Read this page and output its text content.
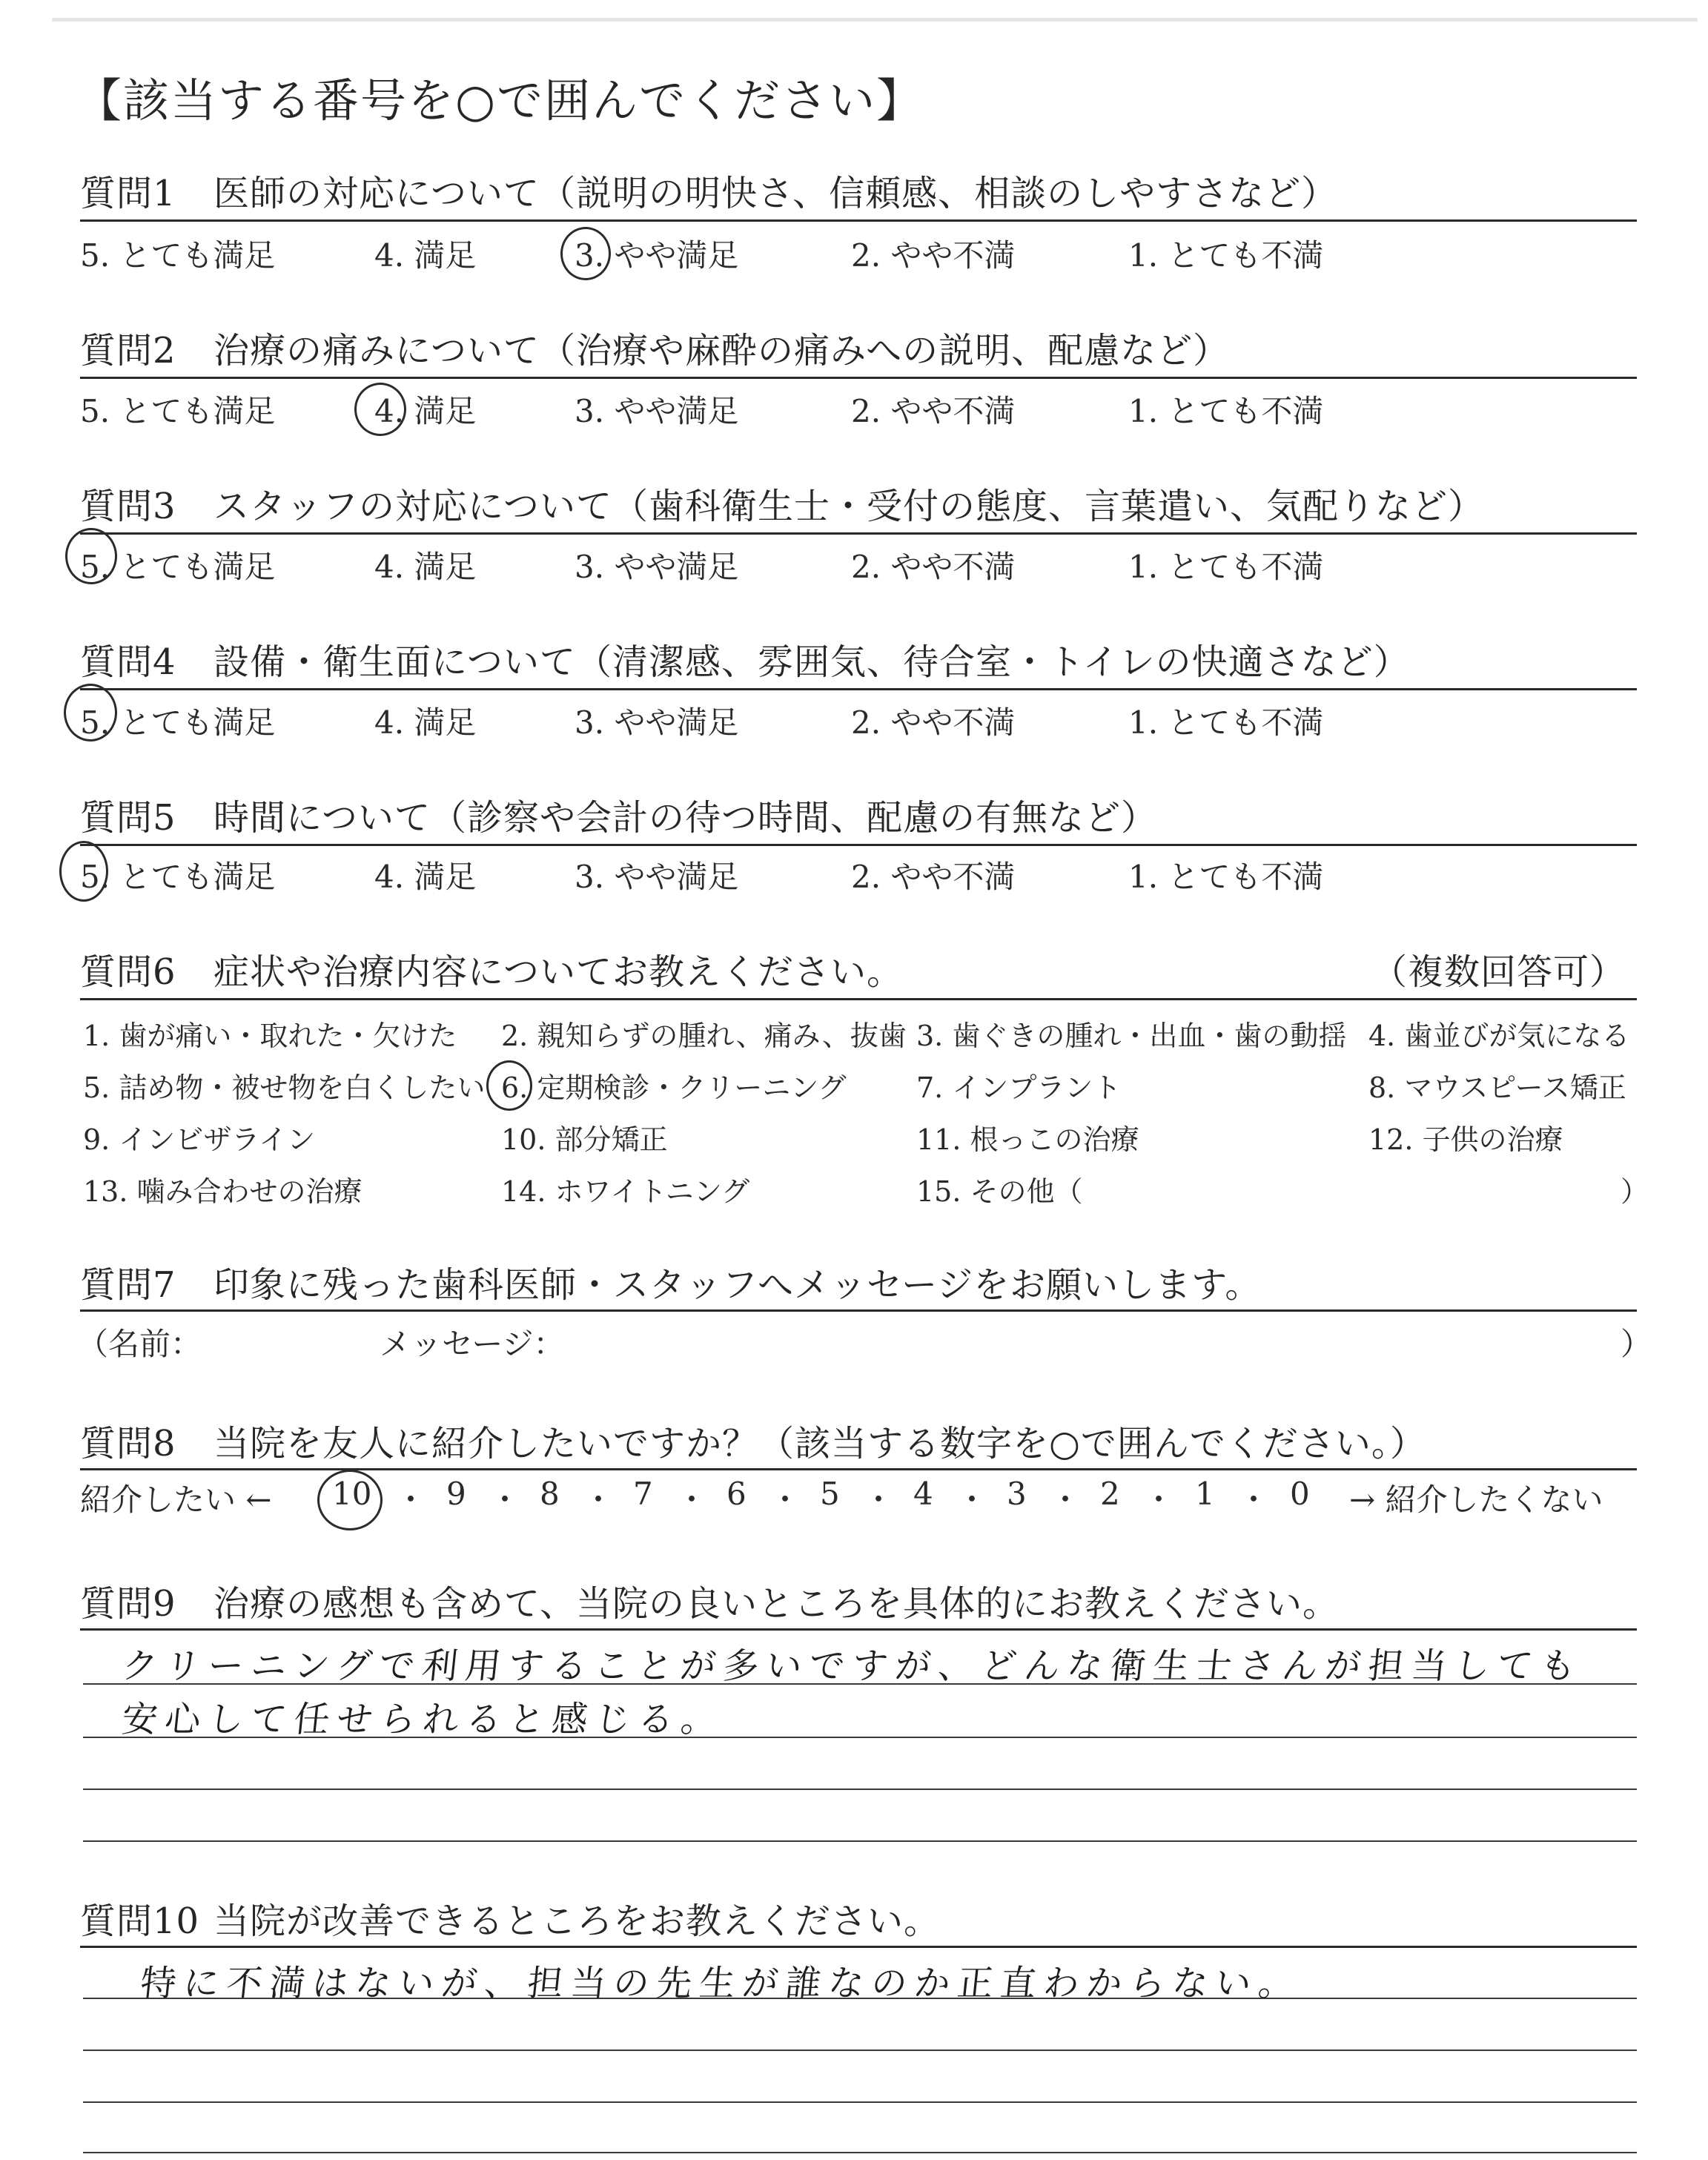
【該当する番号を○で囲んでください】
質問1 医師の対応について（説明の明快さ、信頼感、相談のしやすさなど）
5. とても満足	4. 満足	3. やや満足	2. やや不満	1. とても不満
質問2 治療の痛みについて（治療や麻酔の痛みへの説明、配慮など）
5. とても満足	4. 満足	3. やや満足	2. やや不満	1. とても不満
質問3 スタッフの対応について（歯科衛生士・受付の態度、言葉遣い、気配りなど）
5. とても満足	4. 満足	3. やや満足	2. やや不満	1. とても不満
質問4 設備・衛生面について（清潔感、雰囲気、待合室・トイレの快適さなど）
5. とても満足	4. 満足	3. やや満足	2. やや不満	1. とても不満
質問5 時間について（診察や会計の待つ時間、配慮の有無など）
5. とても満足	4. 満足	3. やや満足	2. やや不満	1. とても不満
質問6 症状や治療内容についてお教えください。	（複数回答可）
1. 歯が痛い・取れた・欠けた 2. 親知らずの腫れ、痛み、抜歯 3. 歯ぐきの腫れ・出血・歯の動揺 4. 歯並びが気になる
5. 詰め物・被せ物を白くしたい 6. 定期検診・クリーニング 7. インプラント	8. マウスピース矯正
9. インビザライン	10. 部分矯正	11. 根っこの治療	12. 子供の治療
13. 噛み合わせの治療	14. ホワイトニング	15. その他（	）
質問7 印象に残った歯科医師・スタッフへメッセージをお願いします。
（名前：	メッセージ：	）
質問8 当院を友人に紹介したいですか？（該当する数字を○で囲んでください。）
紹介したい ← 10 ・ 9 ・ 8 ・ 7 ・ 6 ・ 5 ・ 4 ・ 3 ・ 2 ・ 1 ・ 0 → 紹介したくない
質問9 治療の感想も含めて、当院の良いところを具体的にお教えください。
クリーニングで利用することが多いですが、どんな衛生士さんが担当しても
安心して任せられると感じる。
質問10 当院が改善できるところをお教えください。
特に不満はないが、担当の先生が誰なのか正直わからない。
